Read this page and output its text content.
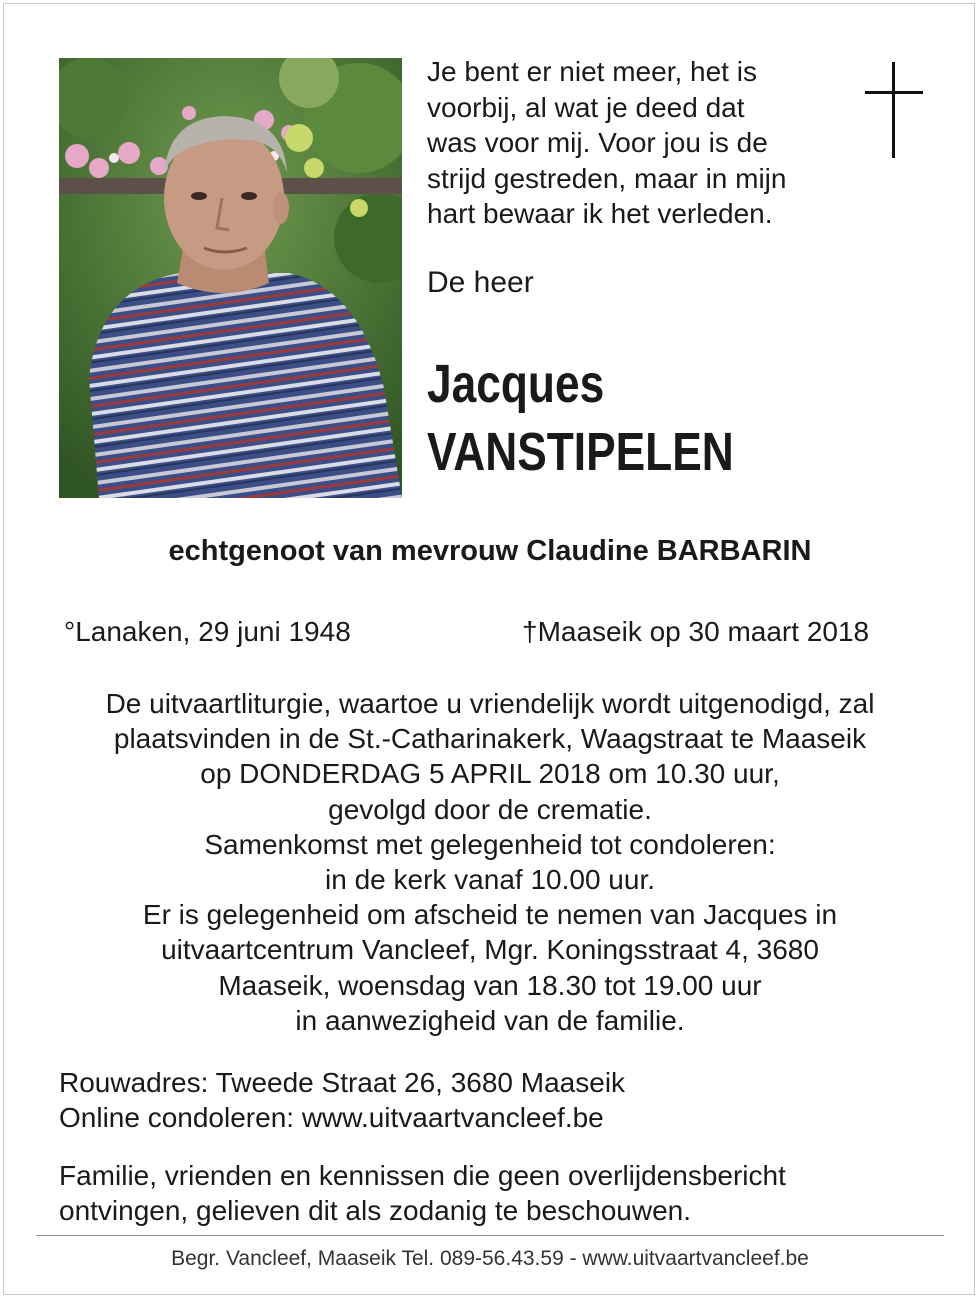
Je bent er niet meer, het is
voorbij, al wat je deed dat
was voor mij. Voor jou is de
strijd gestreden, maar in mijn
hart bewaar ik het verleden.
De heer
Jacques
VANSTIPELEN
echtgenoot van mevrouw Claudine BARBARIN
°Lanaken, 29 juni 1948	†Maaseik op 30 maart 2018
De uitvaartliturgie, waartoe u vriendelijk wordt uitgenodigd, zal
plaatsvinden in de St.-Catharinakerk, Waagstraat te Maaseik
op DONDERDAG 5 APRIL 2018 om 10.30 uur,
gevolgd door de crematie.
Samenkomst met gelegenheid tot condoleren:
in de kerk vanaf 10.00 uur.
Er is gelegenheid om afscheid te nemen van Jacques in
uitvaartcentrum Vancleef, Mgr. Koningsstraat 4, 3680
Maaseik, woensdag van 18.30 tot 19.00 uur
in aanwezigheid van de familie.
Rouwadres: Tweede Straat 26, 3680 Maaseik
Online condoleren: www.uitvaartvancleef.be
Familie, vrienden en kennissen die geen overlijdensbericht
ontvingen, gelieven dit als zodanig te beschouwen.
Begr. Vancleef, Maaseik Tel. 089-56.43.59 - www.uitvaartvancleef.be
